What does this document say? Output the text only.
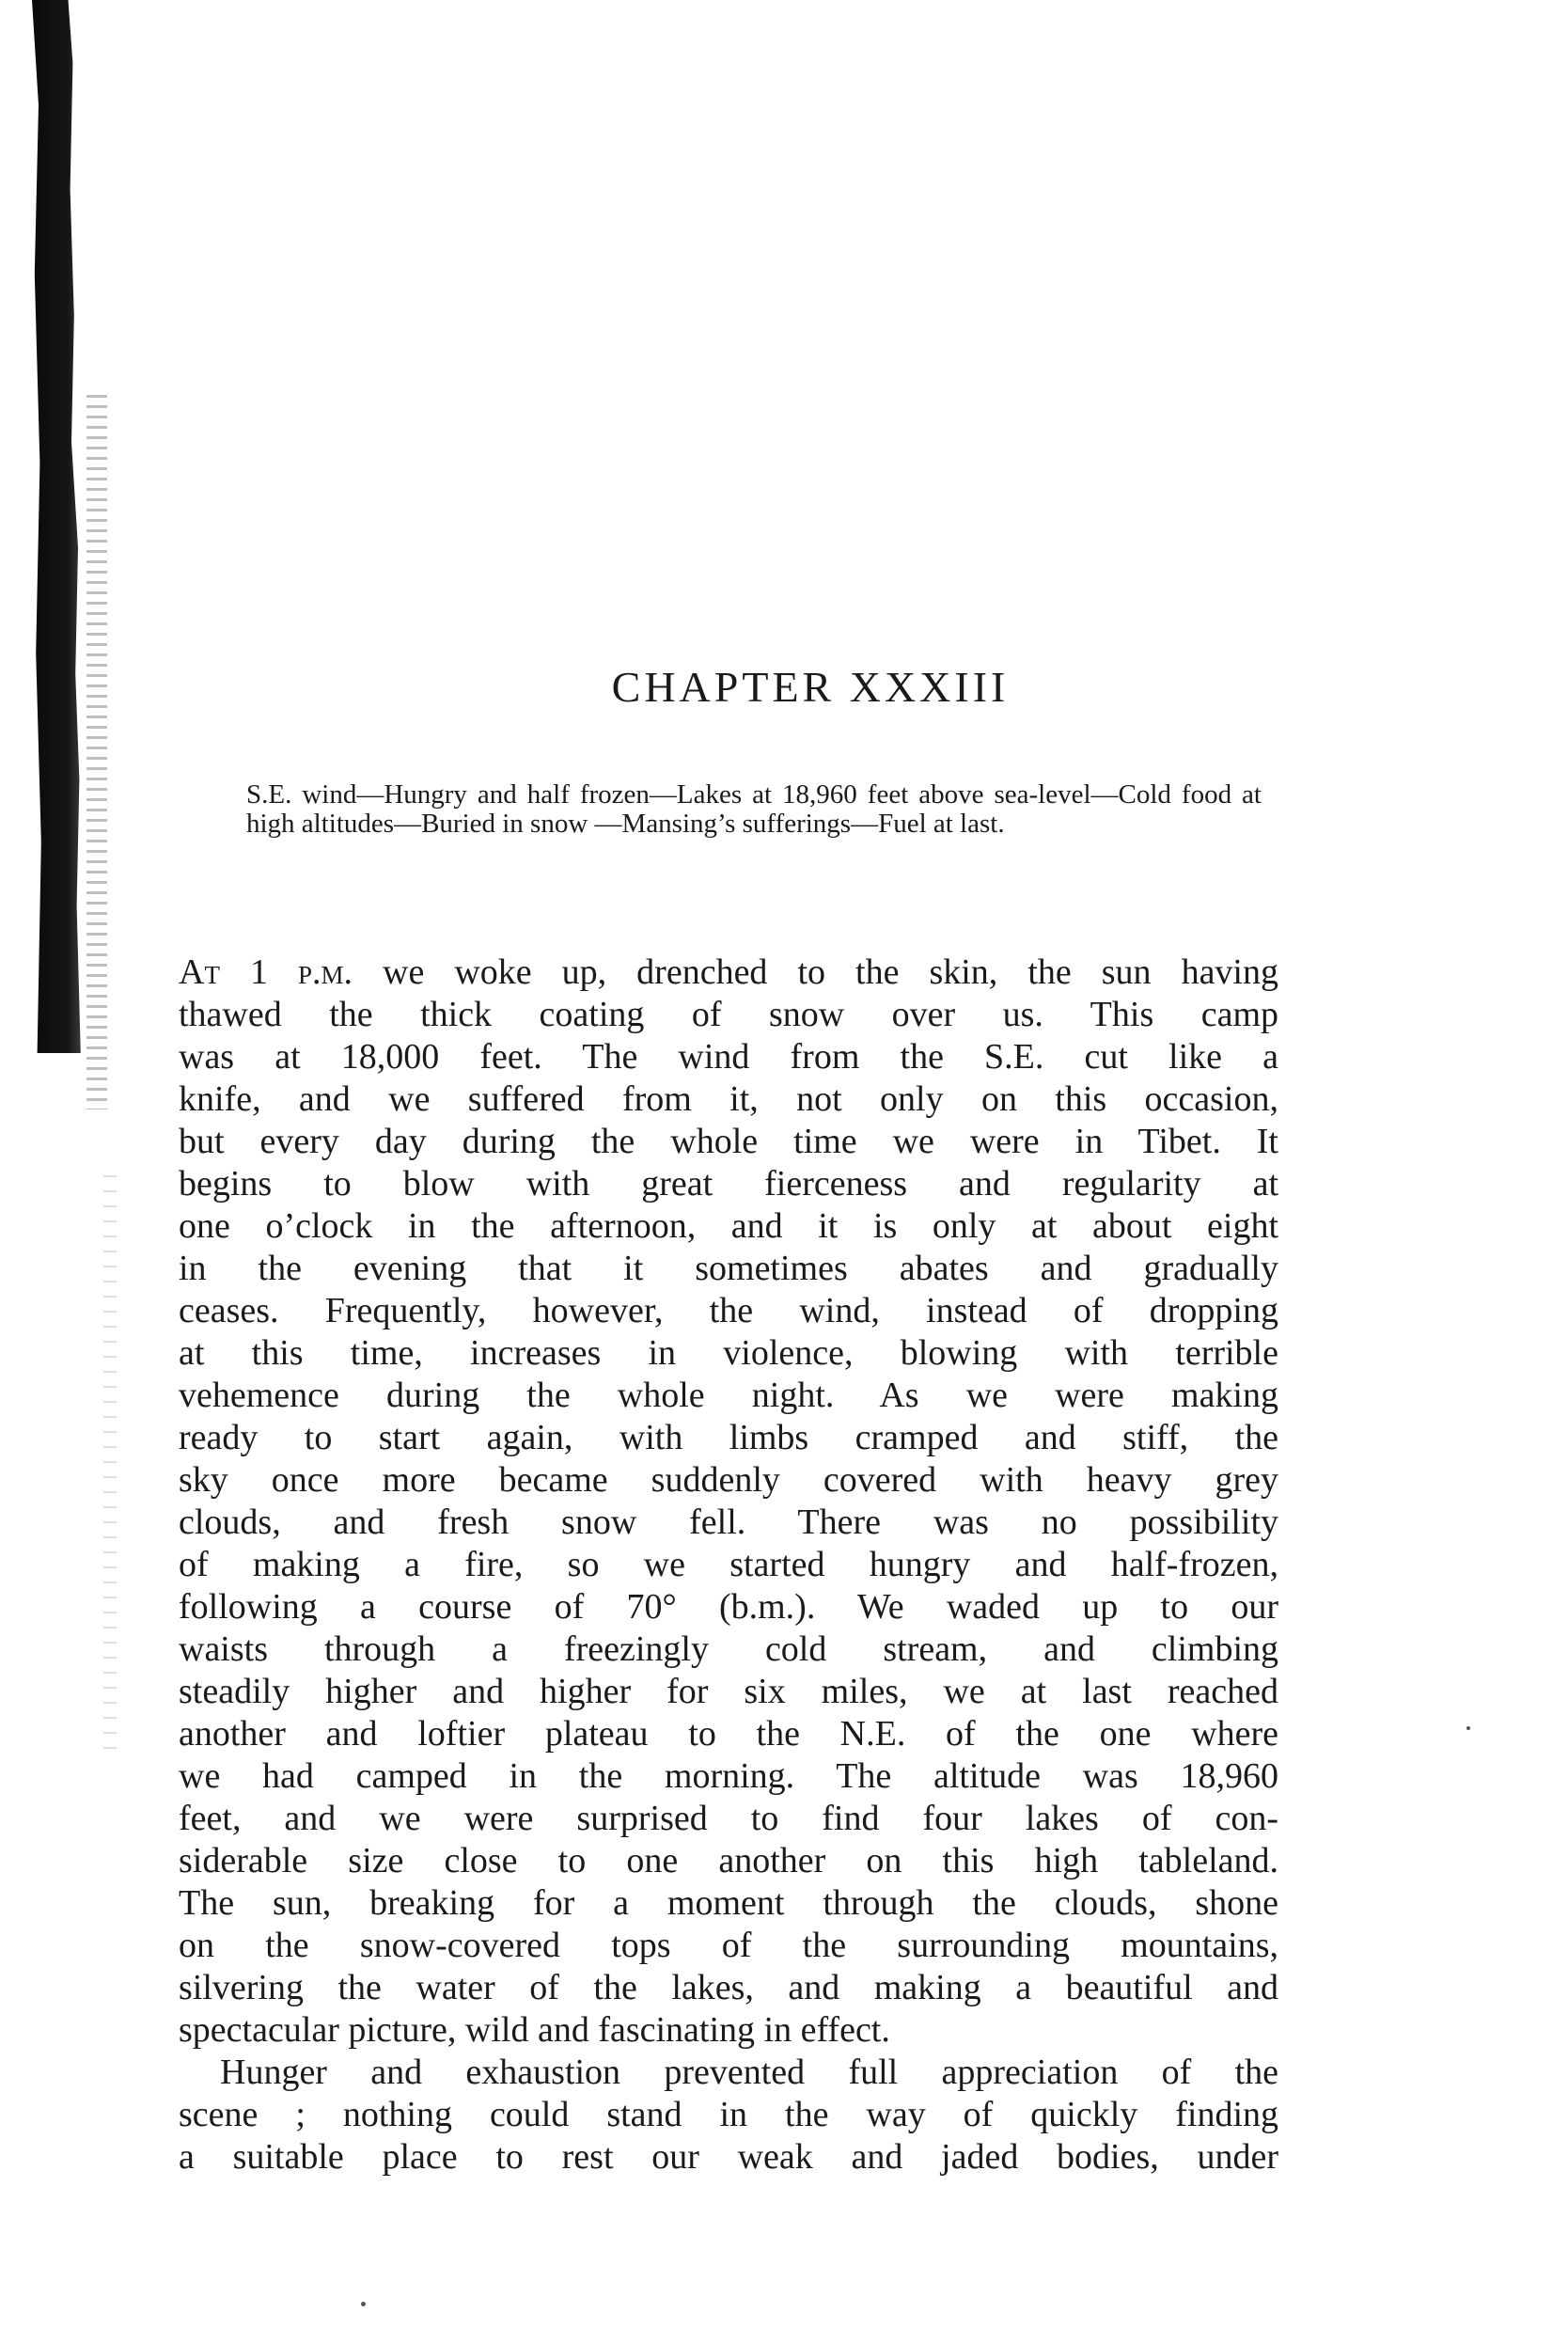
CHAPTER XXXIII

S.E. wind—Hungry and half frozen—Lakes at 18,960 feet above sea-level—Cold food at high altitudes—Buried in snow —Mansing’s sufferings—Fuel at last.

At 1 p.m. we woke up, drenched to the skin, the sun having

thawed the thick coating of snow over us. This camp

was at 18,000 feet. The wind from the S.E. cut like a

knife, and we suffered from it, not only on this occasion,

but every day during the whole time we were in Tibet. It

begins to blow with great fierceness and regularity at

one o’clock in the afternoon, and it is only at about eight

in the evening that it sometimes abates and gradually

ceases. Frequently, however, the wind, instead of dropping

at this time, increases in violence, blowing with terrible

vehemence during the whole night. As we were making

ready to start again, with limbs cramped and stiff, the

sky once more became suddenly covered with heavy grey

clouds, and fresh snow fell. There was no possibility

of making a fire, so we started hungry and half-frozen,

following a course of 70° (b.m.). We waded up to our

waists through a freezingly cold stream, and climbing

steadily higher and higher for six miles, we at last reached

another and loftier plateau to the N.E. of the one where

we had camped in the morning. The altitude was 18,960

feet, and we were surprised to find four lakes of con-

siderable size close to one another on this high tableland.

The sun, breaking for a moment through the clouds, shone

on the snow-covered tops of the surrounding mountains,

silvering the water of the lakes, and making a beautiful and

spectacular picture, wild and fascinating in effect.

Hunger and exhaustion prevented full appreciation of the

scene ; nothing could stand in the way of quickly finding

a suitable place to rest our weak and jaded bodies, under
